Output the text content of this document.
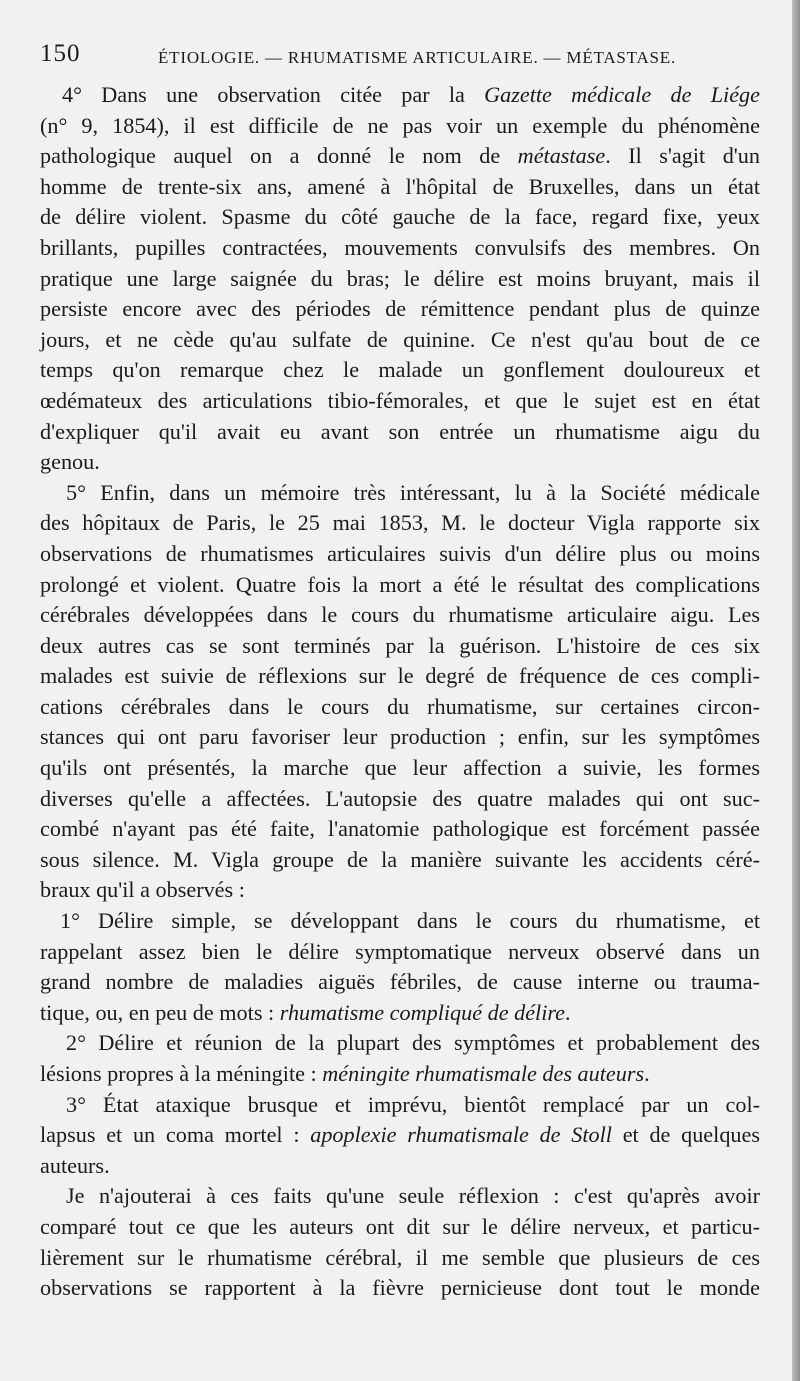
150	ÉTIOLOGIE. — RHUMATISME ARTICULAIRE. — MÉTASTASE.
4° Dans une observation citée par la Gazette médicale de Liége
(n° 9, 1854), il est difficile de ne pas voir un exemple du phénomène
pathologique auquel on a donné le nom de métastase. Il s'agit d'un
homme de trente-six ans, amené à l'hôpital de Bruxelles, dans un état
de délire violent. Spasme du côté gauche de la face, regard fixe, yeux
brillants, pupilles contractées, mouvements convulsifs des membres. On
pratique une large saignée du bras; le délire est moins bruyant, mais il
persiste encore avec des périodes de rémittence pendant plus de quinze
jours, et ne cède qu'au sulfate de quinine. Ce n'est qu'au bout de ce
temps qu'on remarque chez le malade un gonflement douloureux et
œdémateux des articulations tibio-fémorales, et que le sujet est en état
d'expliquer qu'il avait eu avant son entrée un rhumatisme aigu du
genou.
5° Enfin, dans un mémoire très intéressant, lu à la Société médicale
des hôpitaux de Paris, le 25 mai 1853, M. le docteur Vigla rapporte six
observations de rhumatismes articulaires suivis d'un délire plus ou moins
prolongé et violent. Quatre fois la mort a été le résultat des complications
cérébrales développées dans le cours du rhumatisme articulaire aigu. Les
deux autres cas se sont terminés par la guérison. L'histoire de ces six
malades est suivie de réflexions sur le degré de fréquence de ces compli-
cations cérébrales dans le cours du rhumatisme, sur certaines circon-
stances qui ont paru favoriser leur production ; enfin, sur les symptômes
qu'ils ont présentés, la marche que leur affection a suivie, les formes
diverses qu'elle a affectées. L'autopsie des quatre malades qui ont suc-
combé n'ayant pas été faite, l'anatomie pathologique est forcément passée
sous silence. M. Vigla groupe de la manière suivante les accidents céré-
braux qu'il a observés :
1° Délire simple, se développant dans le cours du rhumatisme, et
rappelant assez bien le délire symptomatique nerveux observé dans un
grand nombre de maladies aiguës fébriles, de cause interne ou trauma-
tique, ou, en peu de mots : rhumatisme compliqué de délire.
2° Délire et réunion de la plupart des symptômes et probablement des
lésions propres à la méningite : méningite rhumatismale des auteurs.
3° État ataxique brusque et imprévu, bientôt remplacé par un col-
lapsus et un coma mortel : apoplexie rhumatismale de Stoll et de quelques
auteurs.
Je n'ajouterai à ces faits qu'une seule réflexion : c'est qu'après avoir
comparé tout ce que les auteurs ont dit sur le délire nerveux, et particu-
lièrement sur le rhumatisme cérébral, il me semble que plusieurs de ces
observations se rapportent à la fièvre pernicieuse dont tout le monde
